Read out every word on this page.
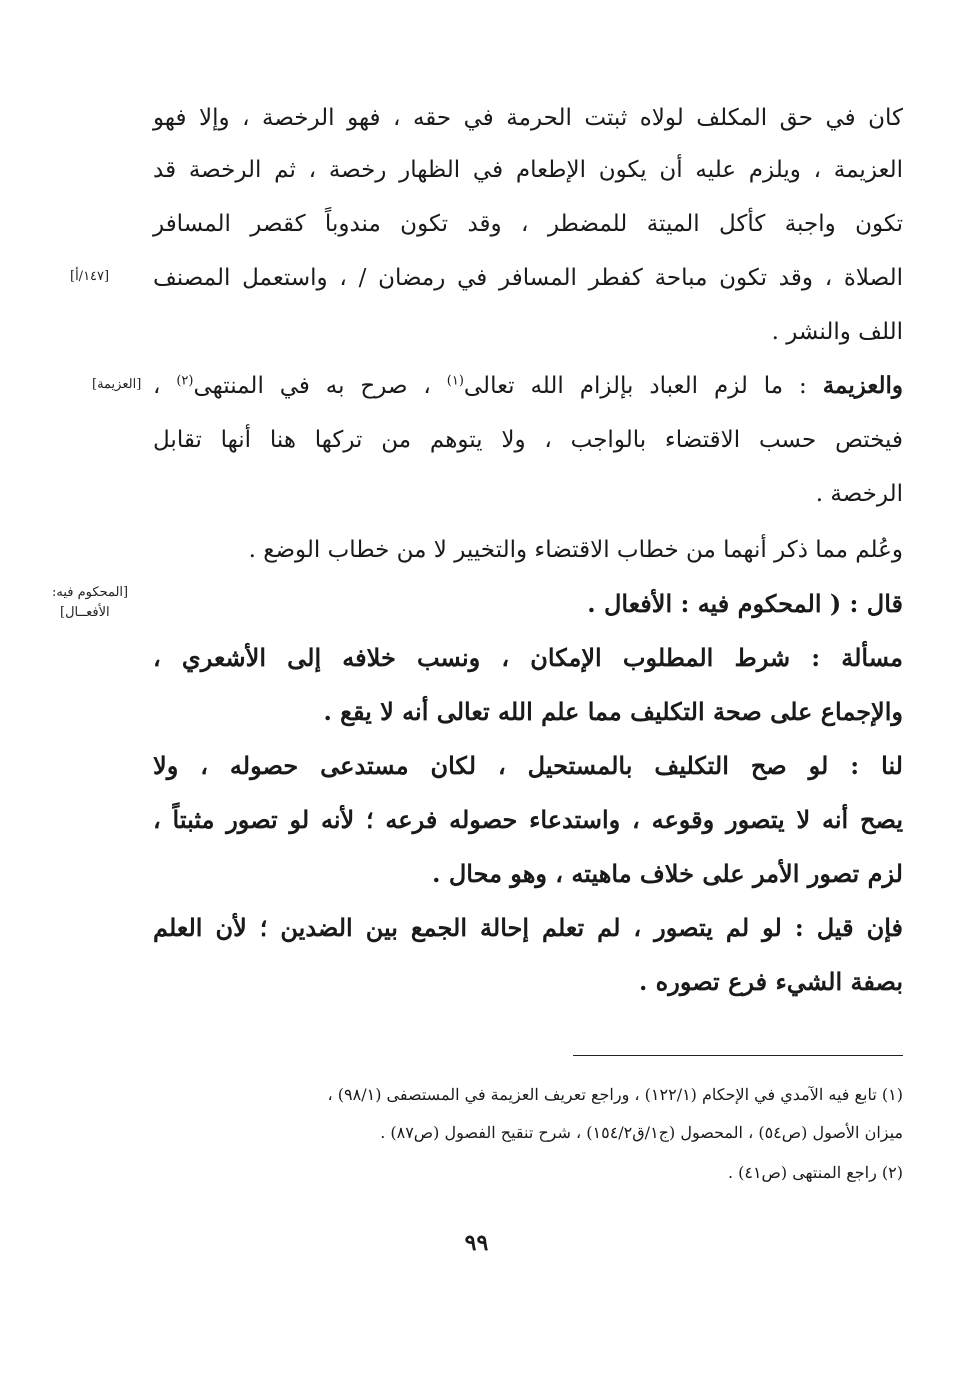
كان في حق المكلف لولاه ثبتت الحرمة في حقه ، فهو الرخصة ، وإلا فهو
العزيمة ، ويلزم عليه أن يكون الإطعام في الظهار رخصة ، ثم الرخصة قد
تكون واجبة كأكل الميتة للمضطر ، وقد تكون مندوباً كقصر المسافر
الصلاة ، وقد تكون مباحة كفطر المسافر في رمضان / ، واستعمل المصنف
اللف والنشر .
والعزيمة : ما لزم العباد بإلزام الله تعالى$^{(١)}$ ، صرح به في المنتهى$^{(٢)}$ ،
فيختص حسب الاقتضاء بالواجب ، ولا يتوهم من تركها هنا أنها تقابل
الرخصة .
وعُلم مما ذكر أنهما من خطاب الاقتضاء والتخيير لا من خطاب الوضع .
قال : ( المحكوم فيه : الأفعال .
مسألة : شرط المطلوب الإمكان ، ونسب خلافه إلى الأشعري ،
والإجماع على صحة التكليف مما علم الله تعالى أنه لا يقع .
لنا : لو صح التكليف بالمستحيل ، لكان مستدعى حصوله ، ولا
يصح أنه لا يتصور وقوعه ، واستدعاء حصوله فرعه ؛ لأنه لو تصور مثبتاً ،
لزم تصور الأمر على خلاف ماهيته ، وهو محال .
فإن قيل : لو لم يتصور ، لم تعلم إحالة الجمع بين الضدين ؛ لأن العلم
بصفة الشيء فرع تصوره .
[١٤٧/أ]
[العزيمة]
[المحكوم فيه:
الأفعــال]
(١) تابع فيه الآمدي في الإحكام (١٢٢/١) ، وراجع تعريف العزيمة في المستصفى (٩٨/١) ،
ميزان الأصول (ص٥٤) ، المحصول (ج١/ق١٥٤/٢) ، شرح تنقيح الفصول (ص٨٧) .
(٢) راجع المنتهى (ص٤١) .
٩٩
